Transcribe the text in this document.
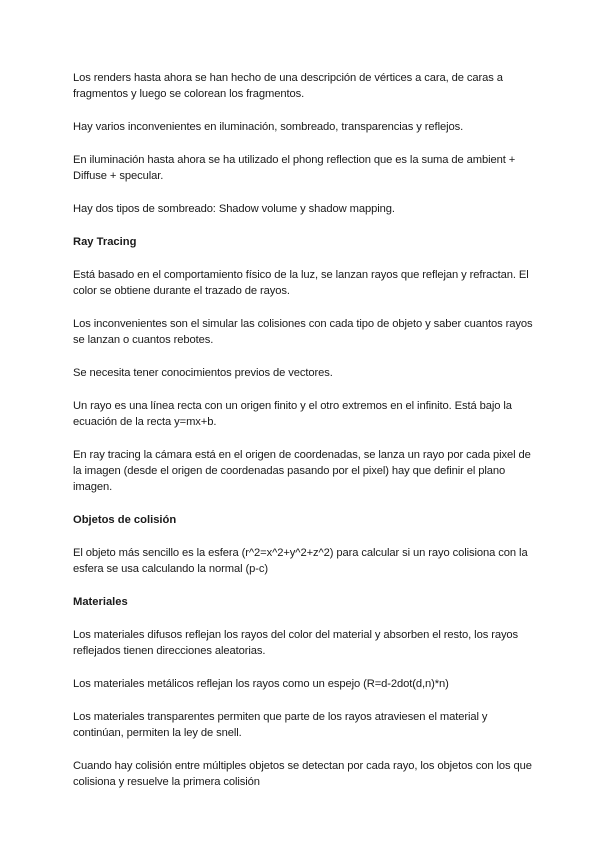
Los renders hasta ahora se han hecho de una descripción de vértices a cara, de caras a fragmentos y luego se colorean los fragmentos.

Hay varios inconvenientes en iluminación, sombreado, transparencias y reflejos.

En iluminación hasta ahora se ha utilizado el phong reflection que es la suma de ambient + Diffuse + specular.

Hay dos tipos de sombreado: Shadow volume y shadow mapping.

Ray Tracing

Está basado en el comportamiento físico de la luz, se lanzan rayos que reflejan y refractan. El color se obtiene durante el trazado de rayos.

Los inconvenientes son el simular las colisiones con cada tipo de objeto y saber cuantos rayos se lanzan o cuantos rebotes.

Se necesita tener conocimientos previos de vectores.

Un rayo es una línea recta con un origen finito y el otro extremos en el infinito. Está bajo la ecuación de la recta y=mx+b.

En ray tracing la cámara está en el origen de coordenadas, se lanza un rayo por cada pixel de la imagen (desde el origen de coordenadas pasando por el pixel) hay que definir el plano imagen.

Objetos de colisión

El objeto más sencillo es la esfera (r^2=x^2+y^2+z^2) para calcular si un rayo colisiona con la esfera se usa calculando la normal (p-c)

Materiales

Los materiales difusos reflejan los rayos del color del material y absorben el resto, los rayos reflejados tienen direcciones aleatorias.

Los materiales metálicos reflejan los rayos como un espejo (R=d-2dot(d,n)*n)

Los materiales transparentes permiten que parte de los rayos atraviesen el material y continúan, permiten la ley de snell.

Cuando hay colisión entre múltiples objetos se detectan por cada rayo, los objetos con los que colisiona y resuelve la primera colisión
